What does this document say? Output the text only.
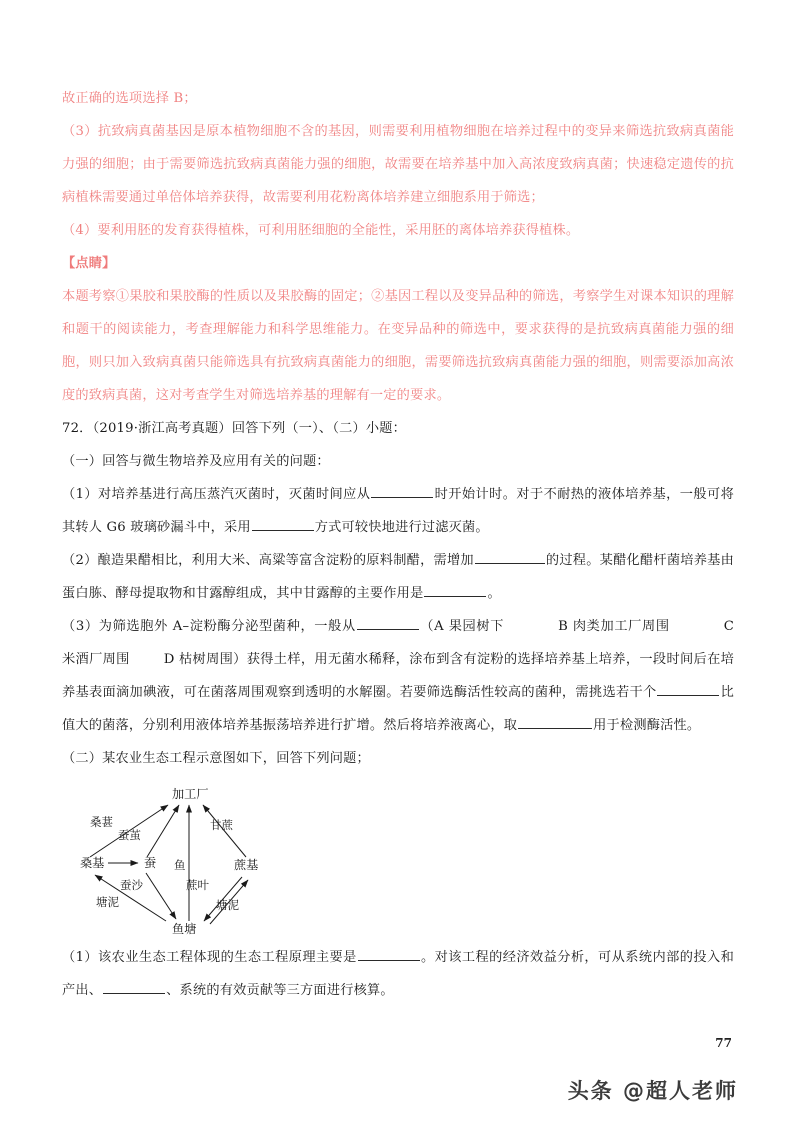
故正确的选项选择 B；

（3）抗致病真菌基因是原本植物细胞不含的基因，则需要利用植物细胞在培养过程中的变异来筛选抗致病真菌能力强的细胞；由于需要筛选抗致病真菌能力强的细胞，故需要在培养基中加入高浓度致病真菌；快速稳定遗传的抗病植株需要通过单倍体培养获得，故需要利用花粉离体培养建立细胞系用于筛选；

（4）要利用胚的发育获得植株，可利用胚细胞的全能性，采用胚的离体培养获得植株。

【点睛】

本题考察①果胶和果胶酶的性质以及果胶酶的固定；②基因工程以及变异品种的筛选，考察学生对课本知识的理解和题干的阅读能力，考查理解能力和科学思维能力。在变异品种的筛选中，要求获得的是抗致病真菌能力强的细胞，则只加入致病真菌只能筛选具有抗致病真菌能力的细胞，需要筛选抗致病真菌能力强的细胞，则需要添加高浓度的致病真菌，这对考查学生对筛选培养基的理解有一定的要求。

72．（2019·浙江高考真题）回答下列（一）、（二）小题：

（一）回答与微生物培养及应用有关的问题：

（1）对培养基进行高压蒸汽灭菌时，灭菌时间应从	时开始计时。对于不耐热的液体培养基，一般可将其转人 G6 玻璃砂漏斗中，采用	方式可较快地进行过滤灭菌。

（2）酿造果醋相比，利用大米、高粱等富含淀粉的原料制醋，需增加	的过程。某醋化醋杆菌培养基由蛋白胨、酵母提取物和甘露醇组成，其中甘露醇的主要作用是	。

（3）为筛选胞外 A–淀粉酶分泌型菌种，一般从	（A 果园树下	B 肉类加工厂周围	C 米酒厂周围	D 枯树周围）获得土样，用无菌水稀释，涂布到含有淀粉的选择培养基上培养，一段时间后在培养基表面滴加碘液，可在菌落周围观察到透明的水解圈。若要筛选酶活性较高的菌种，需挑选若干个	比值大的菌落，分别利用液体培养基振荡培养进行扩增。然后将培养液离心，取	用于检测酶活性。

（二）某农业生态工程示意图如下，回答下列问题；

加工厂
桑基	蚕	蔗基
鱼塘
桑葚
蚕茧
鱼
甘蔗
蚕沙
塘泥
蔗叶
塘泥

（1）该农业生态工程体现的生态工程原理主要是	。对该工程的经济效益分析，可从系统内部的投入和产出、	、系统的有效贡献等三方面进行核算。

77
头条 @超人老师
